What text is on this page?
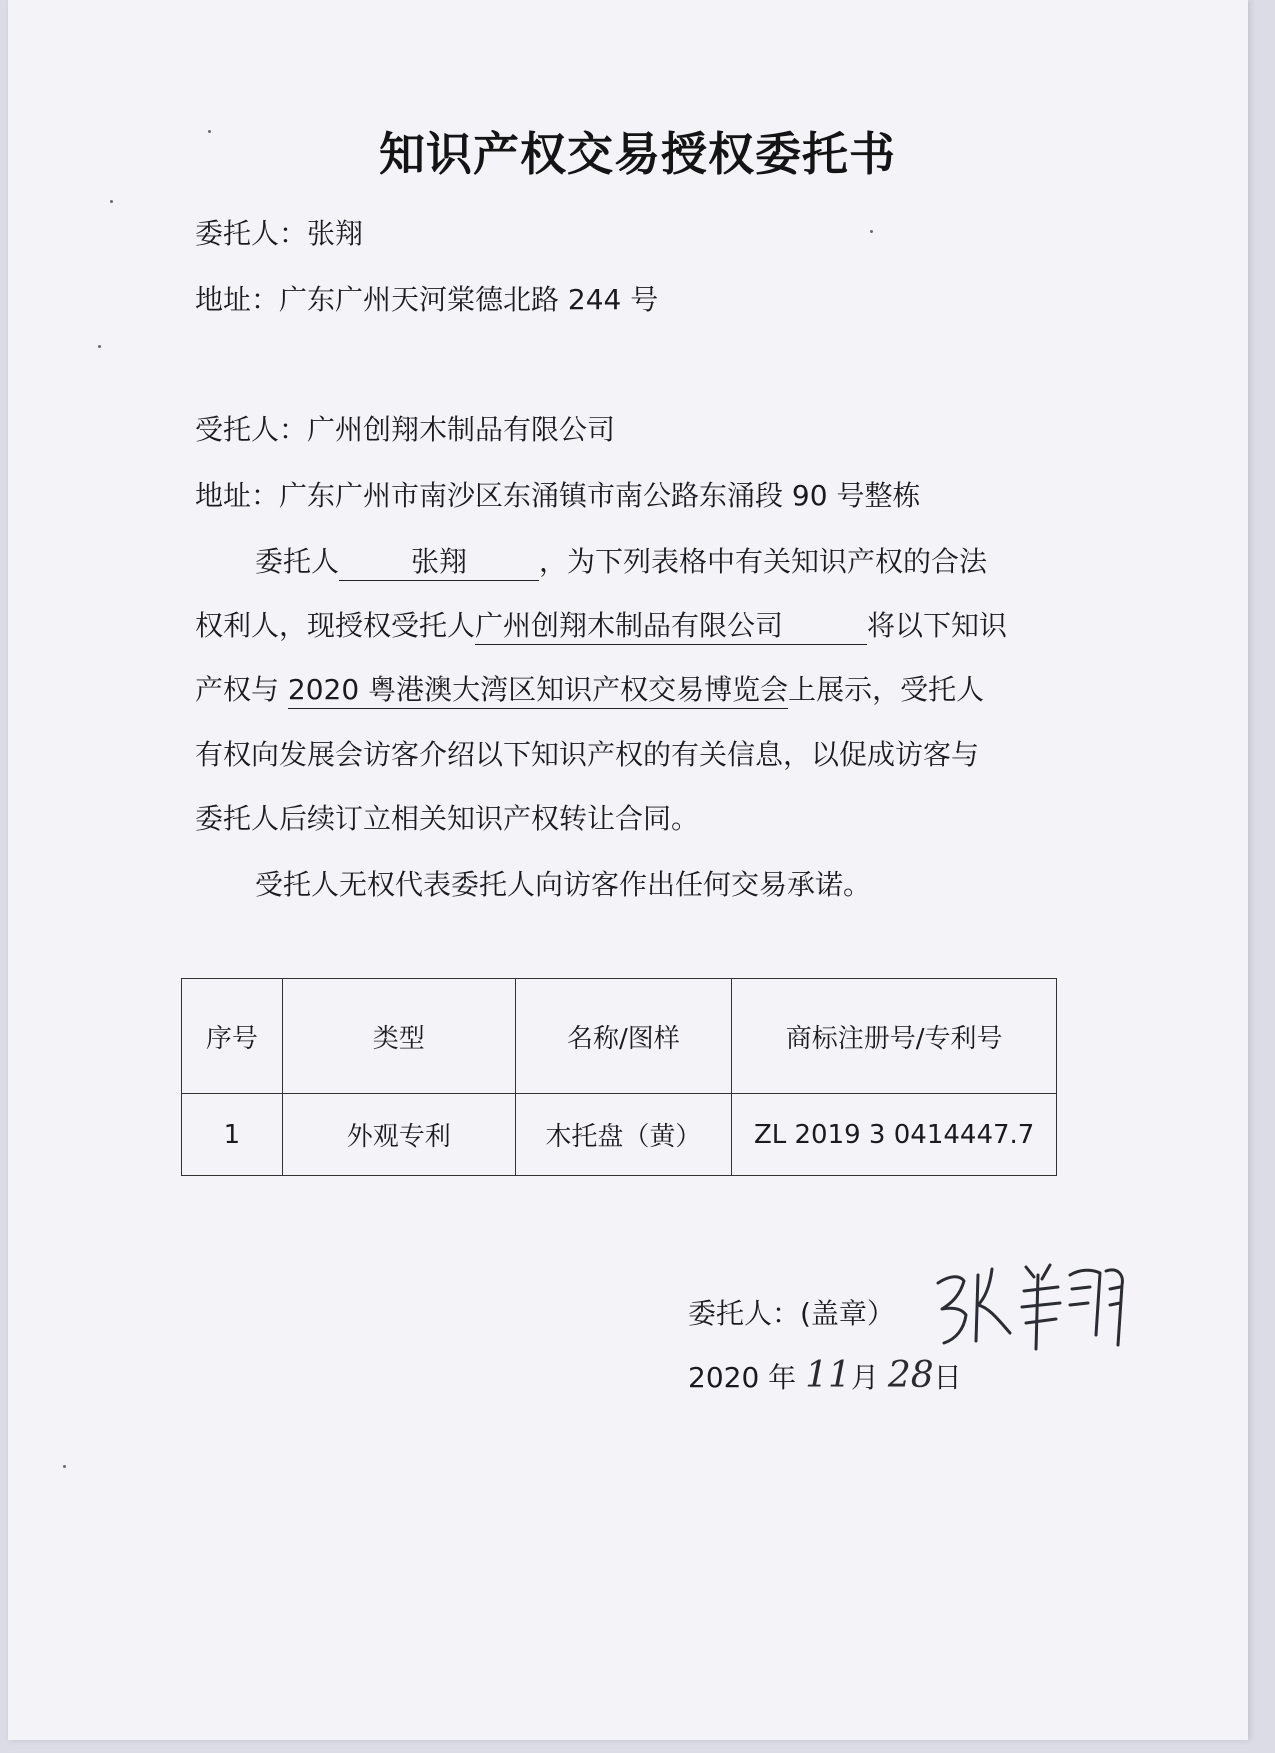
知识产权交易授权委托书
委托人：张翔
地址：广东广州天河棠德北路 244 号
受托人：广州创翔木制品有限公司
地址：广东广州市南沙区东涌镇市南公路东涌段 90 号整栋
委托人	张翔	，为下列表格中有关知识产权的合法
权利人，现授权受托人广州创翔木制品有限公司	将以下知识
产权与 2020 粤港澳大湾区知识产权交易博览会上展示，受托人
有权向发展会访客介绍以下知识产权的有关信息，以促成访客与
委托人后续订立相关知识产权转让合同。
受托人无权代表委托人向访客作出任何交易承诺。
序号	类型	名称/图样	商标注册号/专利号
1	外观专利	木托盘（黄）	ZL 2019 3 0414447.7
委托人：(盖章）
2020 年 11月 28日
